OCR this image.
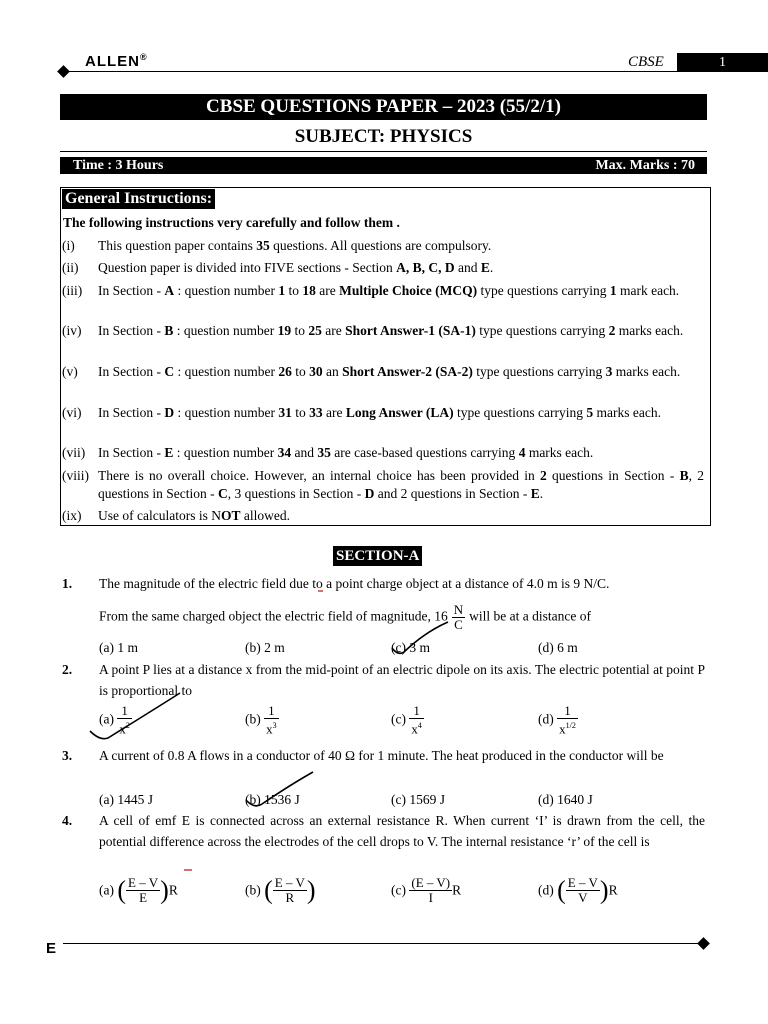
ALLEN®	CBSE	1
CBSE QUESTIONS PAPER – 2023 (55/2/1)
SUBJECT: PHYSICS
Time : 3 Hours	Max. Marks : 70
General Instructions:
The following instructions very carefully and follow them .
(i) This question paper contains 35 questions. All questions are compulsory.
(ii) Question paper is divided into FIVE sections - Section A, B, C, D and E.
(iii) In Section - A : question number 1 to 18 are Multiple Choice (MCQ) type questions carrying 1 mark each.
(iv) In Section - B : question number 19 to 25 are Short Answer-1 (SA-1) type questions carrying 2 marks each.
(v) In Section - C : question number 26 to 30 an Short Answer-2 (SA-2) type questions carrying 3 marks each.
(vi) In Section - D : question number 31 to 33 are Long Answer (LA) type questions carrying 5 marks each.
(vii) In Section - E : question number 34 and 35 are case-based questions carrying 4 marks each.
(viii) There is no overall choice. However, an internal choice has been provided in 2 questions in Section - B, 2 questions in Section - C, 3 questions in Section - D and 2 questions in Section - E.
(ix) Use of calculators is NOT allowed.
SECTION-A
1. The magnitude of the electric field due to a point charge object at a distance of 4.0 m is 9 N/C.
From the same charged object the electric field of magnitude, $16 \frac{N}{C}$ will be at a distance of
(a) 1 m	(b) 2 m	(c) 3 m	(d) 6 m
2. A point P lies at a distance x from the mid-point of an electric dipole on its axis. The electric potential at point P is proportional to
$(a) \frac{1}{x^2}$	$(b) \frac{1}{x^3}$	$(c) \frac{1}{x^4}$	$(d) \frac{1}{x^{1/2}}$
3. A current of 0.8 A flows in a conductor of 40 Ω for 1 minute. The heat produced in the conductor will be
(a) 1445 J	(b) 1536 J	(c) 1569 J	(d) 1640 J
4. A cell of emf E is connected across an external resistance R. When current ‘I’ is drawn from the cell, the potential difference across the electrodes of the cell drops to V. The internal resistance ‘r’ of the cell is
(a) ( $\frac{E - V}{E} )R$	(b) ( $\frac{E - V}{R}$ )	$(c) \frac{(E - V)}{I}$ R	(d) ( $\frac{E - V}{V} )R$
E
